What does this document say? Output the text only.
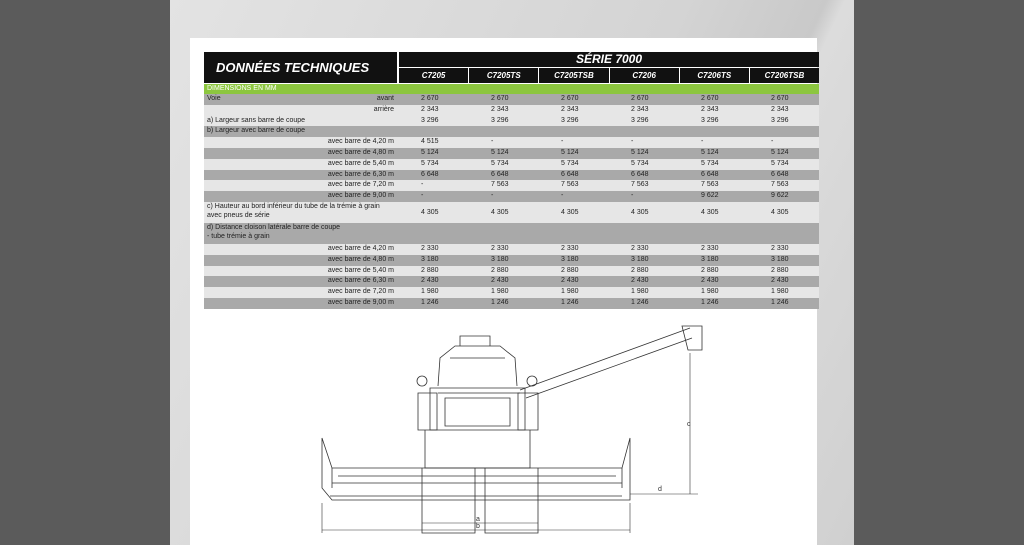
DONNÉES TECHNIQUES
SÉRIE 7000
C7205	C7205TS	C7205TSB	C7206	C7206TS	C7206TSB
DIMENSIONS EN MM
Voie	avant	2 670	2 670	2 670	2 670	2 670	2 670
arrière	2 343	2 343	2 343	2 343	2 343	2 343
a) Largeur sans barre de coupe	3 296	3 296	3 296	3 296	3 296	3 296
b) Largeur avec barre de coupe
avec barre de 4,20 m	4 515	-	-	-	-	-
avec barre de 4,80 m	5 124	5 124	5 124	5 124	5 124	5 124
avec barre de 5,40 m	5 734	5 734	5 734	5 734	5 734	5 734
avec barre de 6,30 m	6 648	6 648	6 648	6 648	6 648	6 648
avec barre de 7,20 m	-	7 563	7 563	7 563	7 563	7 563
avec barre de 9,00 m	-	-	-	-	9 622	9 622
c) Hauteur au bord inférieur du tube de la trémie à grain
avec pneus de série	4 305	4 305	4 305	4 305	4 305	4 305
d) Distance cloison latérale barre de coupe
- tube trémie à grain
avec barre de 4,20 m	2 330	2 330	2 330	2 330	2 330	2 330
avec barre de 4,80 m	3 180	3 180	3 180	3 180	3 180	3 180
avec barre de 5,40 m	2 880	2 880	2 880	2 880	2 880	2 880
avec barre de 6,30 m	2 430	2 430	2 430	2 430	2 430	2 430
avec barre de 7,20 m	1 980	1 980	1 980	1 980	1 980	1 980
avec barre de 9,00 m	1 246	1 246	1 246	1 246	1 246	1 246
a
b
c
d
